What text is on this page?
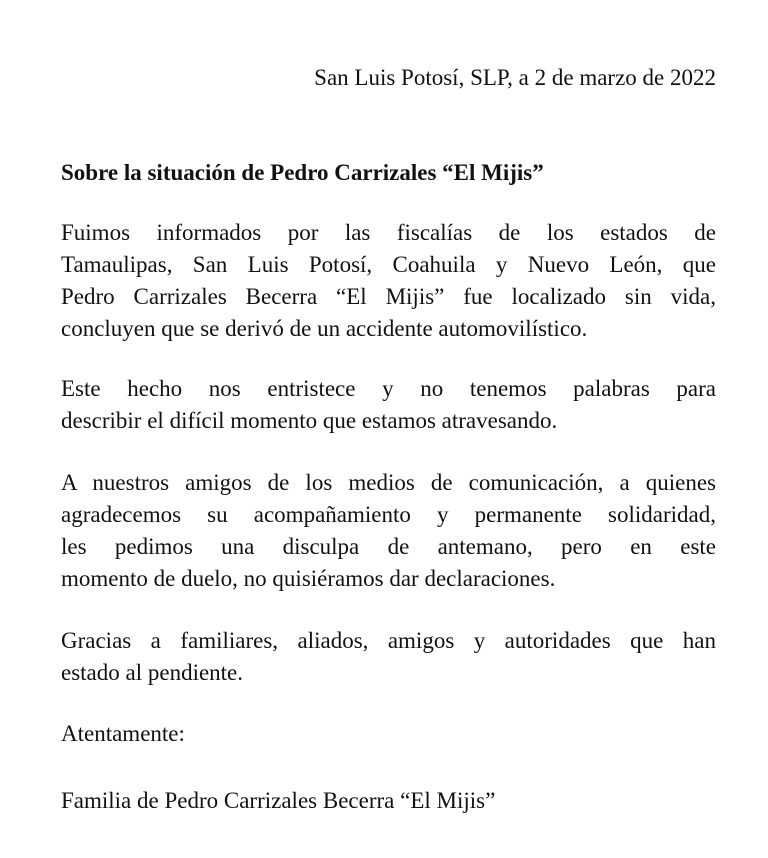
San Luis Potosí, SLP, a 2 de marzo de 2022
Sobre la situación de Pedro Carrizales “El Mijis”
Fuimos informados por las fiscalías de los estados de
Tamaulipas, San Luis Potosí, Coahuila y Nuevo León, que
Pedro Carrizales Becerra “El Mijis” fue localizado sin vida,
concluyen que se derivó de un accidente automovilístico.
Este hecho nos entristece y no tenemos palabras para
describir el difícil momento que estamos atravesando.
A nuestros amigos de los medios de comunicación, a quienes
agradecemos su acompañamiento y permanente solidaridad,
les pedimos una disculpa de antemano, pero en este
momento de duelo, no quisiéramos dar declaraciones.
Gracias a familiares, aliados, amigos y autoridades que han
estado al pendiente.
Atentamente:
Familia de Pedro Carrizales Becerra “El Mijis”
